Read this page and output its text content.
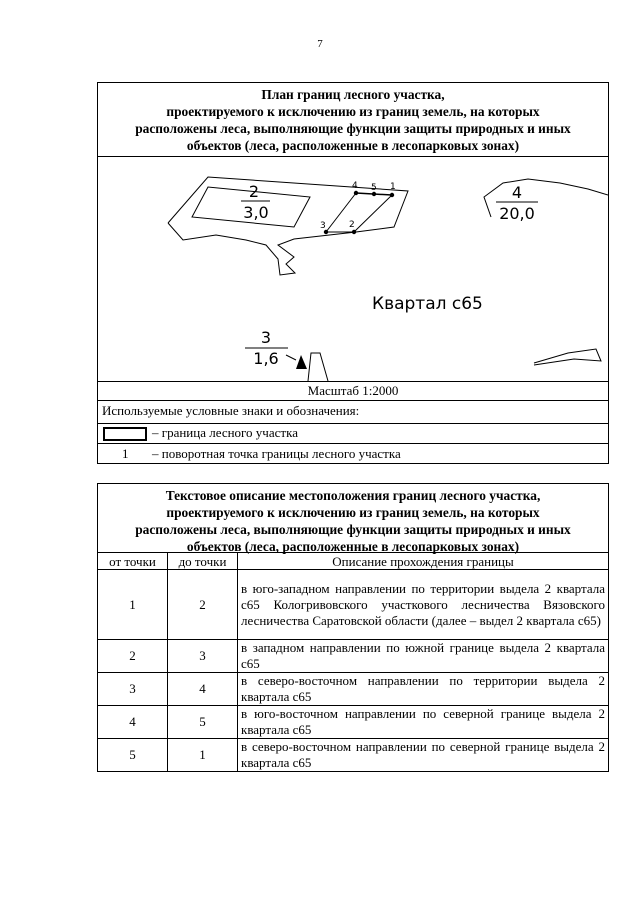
7
План границ лесного участка,
проектируемого к исключению из границ земель, на которых
расположены леса, выполняющие функции защиты природных и иных
объектов (леса, расположенные в лесопарковых зонах)
1
2
3
4 5
2
3,0
4
20,0
Квартал с65
3
1,6
Масштаб 1:2000
Используемые условные знаки и обозначения:
– граница лесного участка
1 – поворотная точка границы лесного участка
Текстовое описание местоположения границ лесного участка,
проектируемого к исключению из границ земель, на которых
расположены леса, выполняющие функции защиты природных и иных
объектов (леса, расположенные в лесопарковых зонах)
от точки	до точки	Описание прохождения границы
1	2	в юго-западном направлении по территории выдела 2 квартала с65 Кологривовского участкового лесничества Вязовского лесничества Саратовской области (далее – выдел 2 квартала с65)
2	3	в западном направлении по южной границе выдела 2 квартала с65
3	4	в северо-восточном направлении по территории выдела 2 квартала с65
4	5	в юго-восточном направлении по северной границе выдела 2 квартала с65
5	1	в северо-восточном направлении по северной границе выдела 2 квартала с65
